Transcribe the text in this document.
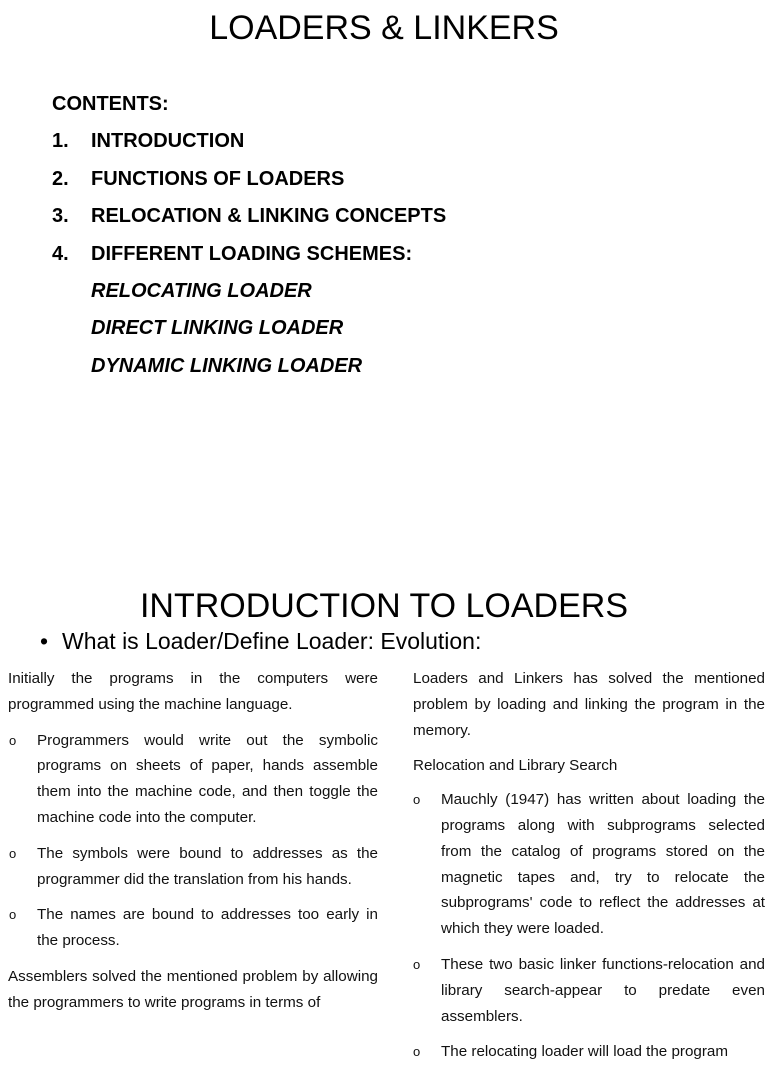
LOADERS & LINKERS
CONTENTS:
1.	INTRODUCTION
2.	FUNCTIONS OF LOADERS
3.	RELOCATION & LINKING CONCEPTS
4.	DIFFERENT LOADING SCHEMES:
RELOCATING LOADER
DIRECT LINKING LOADER
DYNAMIC LINKING LOADER
INTRODUCTION TO LOADERS
• What is Loader/Define Loader: Evolution:

Initially the programs in the computers were programmed using the machine language.

o Programmers would write out the symbolic programs on sheets of paper, hands assemble them into the machine code, and then toggle the machine code into the computer.
o The symbols were bound to addresses as the programmer did the translation from his hands.
o The names are bound to addresses too early in the process.

Assemblers solved the mentioned problem by allowing the programmers to write programs in terms of

Loaders and Linkers has solved the mentioned problem by loading and linking the program in the memory.

Relocation and Library Search

o Mauchly (1947) has written about loading the programs along with subprograms selected from the catalog of programs stored on the magnetic tapes and, try to relocate the subprograms' code to reflect the addresses at which they were loaded.
o These two basic linker functions-relocation and library search-appear to predate even assemblers.
o The relocating loader will load the program
